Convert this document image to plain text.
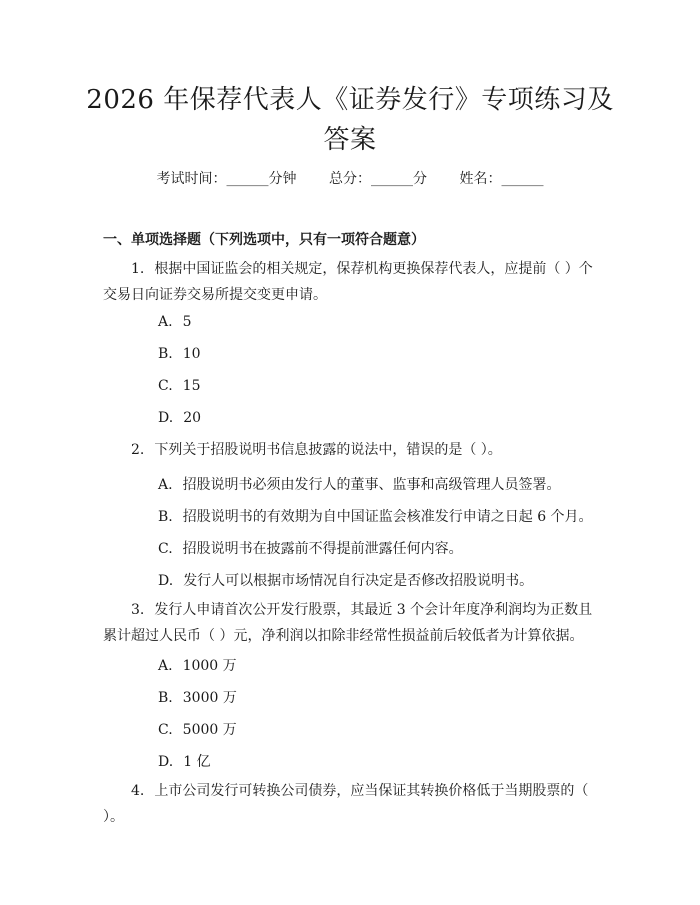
2026 年保荐代表人《证券发行》专项练习及
答案
考试时间：______分钟 总分：______分 姓名：______
一、单项选择题（下列选项中，只有一项符合题意）
1. 根据中国证监会的相关规定，保荐机构更换保荐代表人，应提前（ ）个交易日向证券交易所提交变更申请。
A. 5
B. 10
C. 15
D. 20
2. 下列关于招股说明书信息披露的说法中，错误的是（ ）。
A. 招股说明书必须由发行人的董事、监事和高级管理人员签署。
B. 招股说明书的有效期为自中国证监会核准发行申请之日起 6 个月。
C. 招股说明书在披露前不得提前泄露任何内容。
D. 发行人可以根据市场情况自行决定是否修改招股说明书。
3. 发行人申请首次公开发行股票，其最近 3 个会计年度净利润均为正数且累计超过人民币（ ）元，净利润以扣除非经常性损益前后较低者为计算依据。
A. 1000 万
B. 3000 万
C. 5000 万
D. 1 亿
4. 上市公司发行可转换公司债券，应当保证其转换价格低于当期股票的（ ）。
